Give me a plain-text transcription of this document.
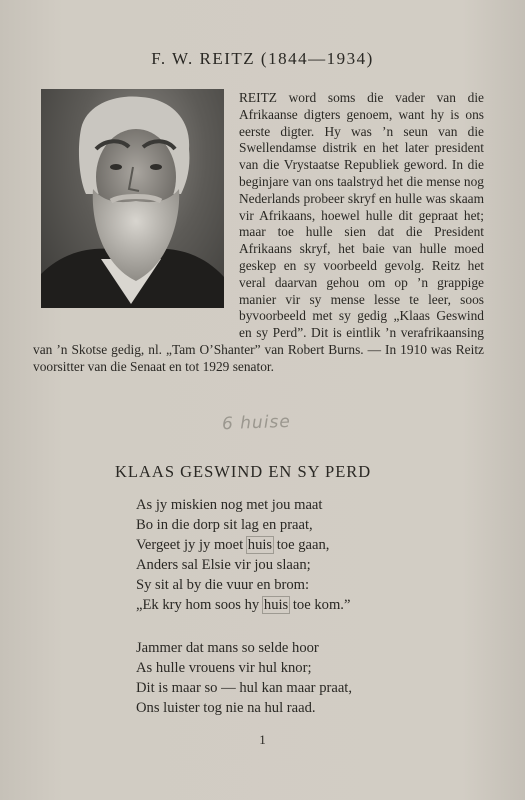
F. W. REITZ (1844—1934)

REITZ word soms die vader van die Afrikaanse digters genoem, want hy is ons eerste digter. Hy was ’n seun van die Swellendamse distrik en het later president van die Vrystaatse Republiek geword. In die beginjare van ons taalstryd het die mense nog Nederlands probeer skryf en hulle was skaam vir Afrikaans, hoewel hulle dit gepraat het; maar toe hulle sien dat die President Afrikaans skryf, het baie van hulle moed geskep en sy voorbeeld gevolg. Reitz het veral daarvan gehou om op ’n grappige manier vir sy mense lesse te leer, soos byvoorbeeld met sy gedig „Klaas Geswind en sy Perd”. Dit is eintlik ’n verafrikaansing van ’n Skotse gedig, nl. „Tam O’Shanter” van Robert Burns. — In 1910 was Reitz voorsitter van die Senaat en tot 1929 senator.

6 huise
KLAAS GESWIND EN SY PERD
As jy miskien nog met jou maat
Bo in die dorp sit lag en praat,
Vergeet jy jy moet huis toe gaan,
Anders sal Elsie vir jou slaan;
Sy sit al by die vuur en brom:
„Ek kry hom soos hy huis toe kom.”
Jammer dat mans so selde hoor
As hulle vrouens vir hul knor;
Dit is maar so — hul kan maar praat,
Ons luister tog nie na hul raad.
1
